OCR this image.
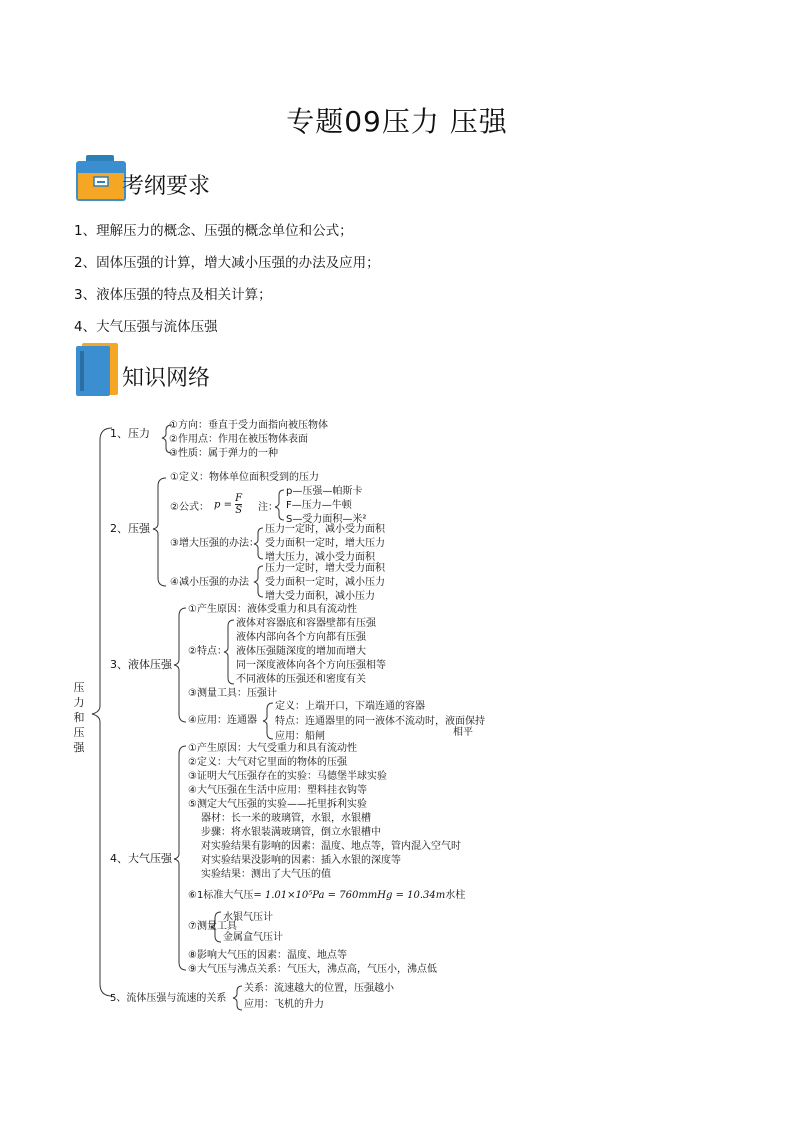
专题09压力 压强
考纲要求
1、理解压力的概念、压强的概念单位和公式；
2、固体压强的计算，增大减小压强的办法及应用；
3、液体压强的特点及相关计算；
4、大气压强与流体压强
知识网络
压力和压强
1、压力
①方向：垂直于受力面指向被压物体
②作用点：作用在被压物体表面
③性质：属于弹力的一种
2、压强
①定义：物体单位面积受到的压力
②公式： $p = \frac{F}{S}$ 注：
p—压强—帕斯卡
F—压力—牛顿
S—受力面积—米²
③增大压强的办法：
压力一定时，减小受力面积
受力面积一定时，增大压力
增大压力，减小受力面积
④减小压强的办法
压力一定时，增大受力面积
受力面积一定时，减小压力
增大受力面积，减小压力
3、液体压强
①产生原因：液体受重力和具有流动性
②特点：
液体对容器底和容器壁都有压强
液体内部向各个方向都有压强
液体压强随深度的增加而增大
同一深度液体向各个方向压强相等
不同液体的压强还和密度有关
③测量工具：压强计
④应用：连通器
定义：上端开口，下端连通的容器
特点：连通器里的同一液体不流动时，液面保持
应用：船闸	相平
4、大气压强
①产生原因：大气受重力和具有流动性
②定义：大气对它里面的物体的压强
③证明大气压强存在的实验：马德堡半球实验
④大气压强在生活中应用：塑料挂衣钩等
⑤测定大气压强的实验——托里拆利实验
器材：长一米的玻璃管，水银，水银槽
步骤：将水银装满玻璃管，倒立水银槽中
对实验结果有影响的因素：温度、地点等，管内混入空气时
对实验结果没影响的因素：插入水银的深度等
实验结果：测出了大气压的值
⑥1标准大气压= 1.01×10⁵Pa = 760mmHg = 10.34m水柱
⑦测量工具
水银气压计
金属盒气压计
⑧影响大气压的因素：温度、地点等
⑨大气压与沸点关系：气压大，沸点高，气压小，沸点低
5、流体压强与流速的关系
关系：流速越大的位置，压强越小
应用：飞机的升力
